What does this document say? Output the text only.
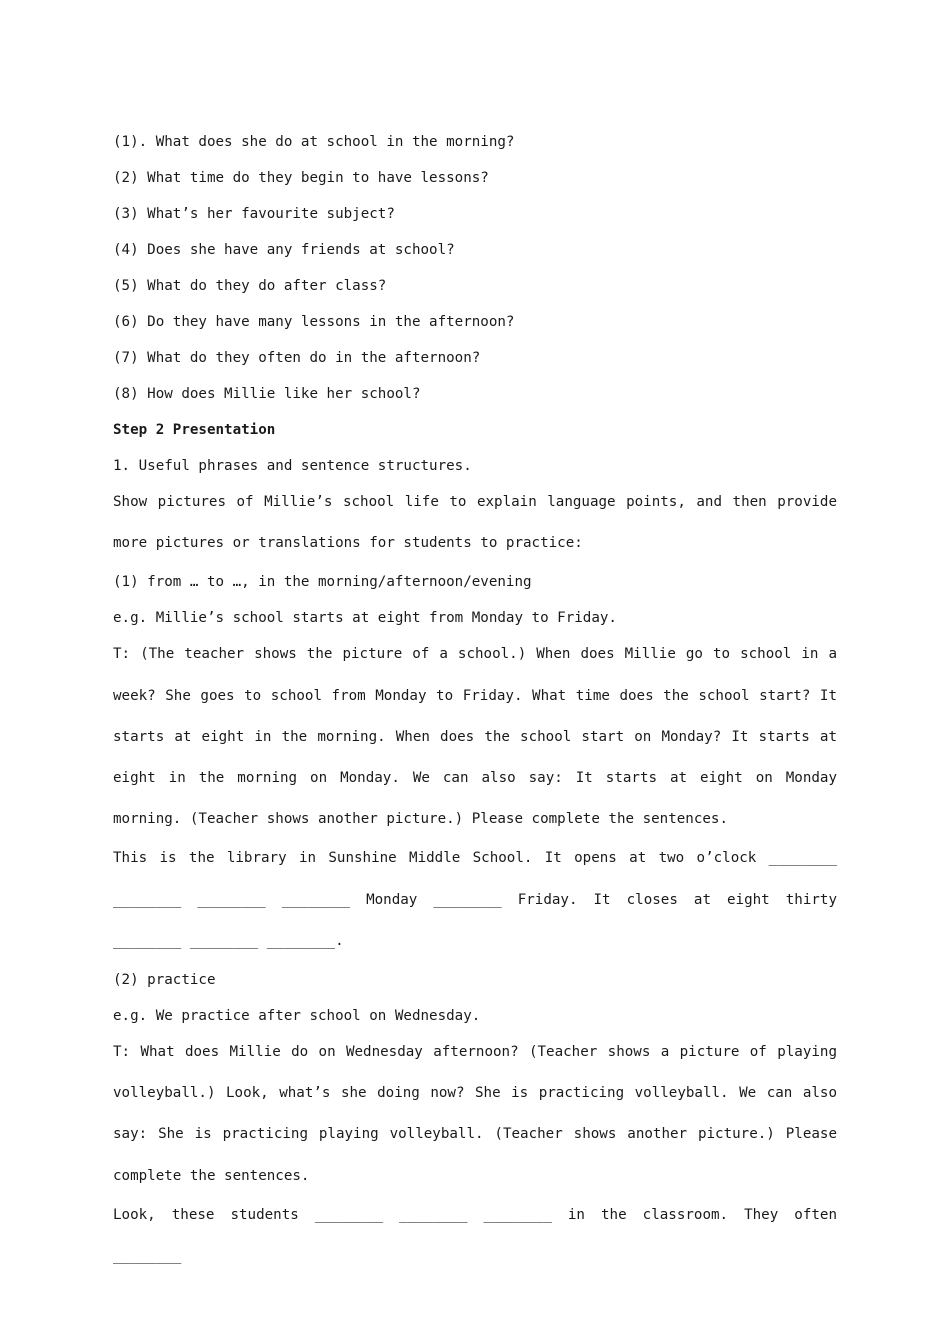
(1). What does she do at school in the morning?
(2) What time do they begin to have lessons?
(3) What’s her favourite subject?
(4) Does she have any friends at school?
(5) What do they do after class?
(6) Do they have many lessons in the afternoon?
(7) What do they often do in the afternoon?
(8) How does Millie like her school?
Step 2 Presentation
1. Useful phrases and sentence structures.
Show pictures of Millie’s school life to explain language points, and then provide more pictures or translations for students to practice:
(1) from … to …, in the morning/afternoon/evening
e.g. Millie’s school starts at eight from Monday to Friday.
T: (The teacher shows the picture of a school.) When does Millie go to school in a week? She goes to school from Monday to Friday. What time does the school start? It starts at eight in the morning. When does the school start on Monday? It starts at eight in the morning on Monday. We can also say: It starts at eight on Monday morning. (Teacher shows another picture.) Please complete the sentences.
This is the library in Sunshine Middle School. It opens at two o’clock ________ ________ ________ ________ Monday ________ Friday. It closes at eight thirty ________ ________ ________.
(2) practice
e.g. We practice after school on Wednesday.
T: What does Millie do on Wednesday afternoon? (Teacher shows a picture of playing volleyball.) Look, what’s she doing now? She is practicing volleyball. We can also say: She is practicing playing volleyball. (Teacher shows another picture.) Please complete the sentences.
Look, these students ________ ________ ________ in the classroom. They often ________
